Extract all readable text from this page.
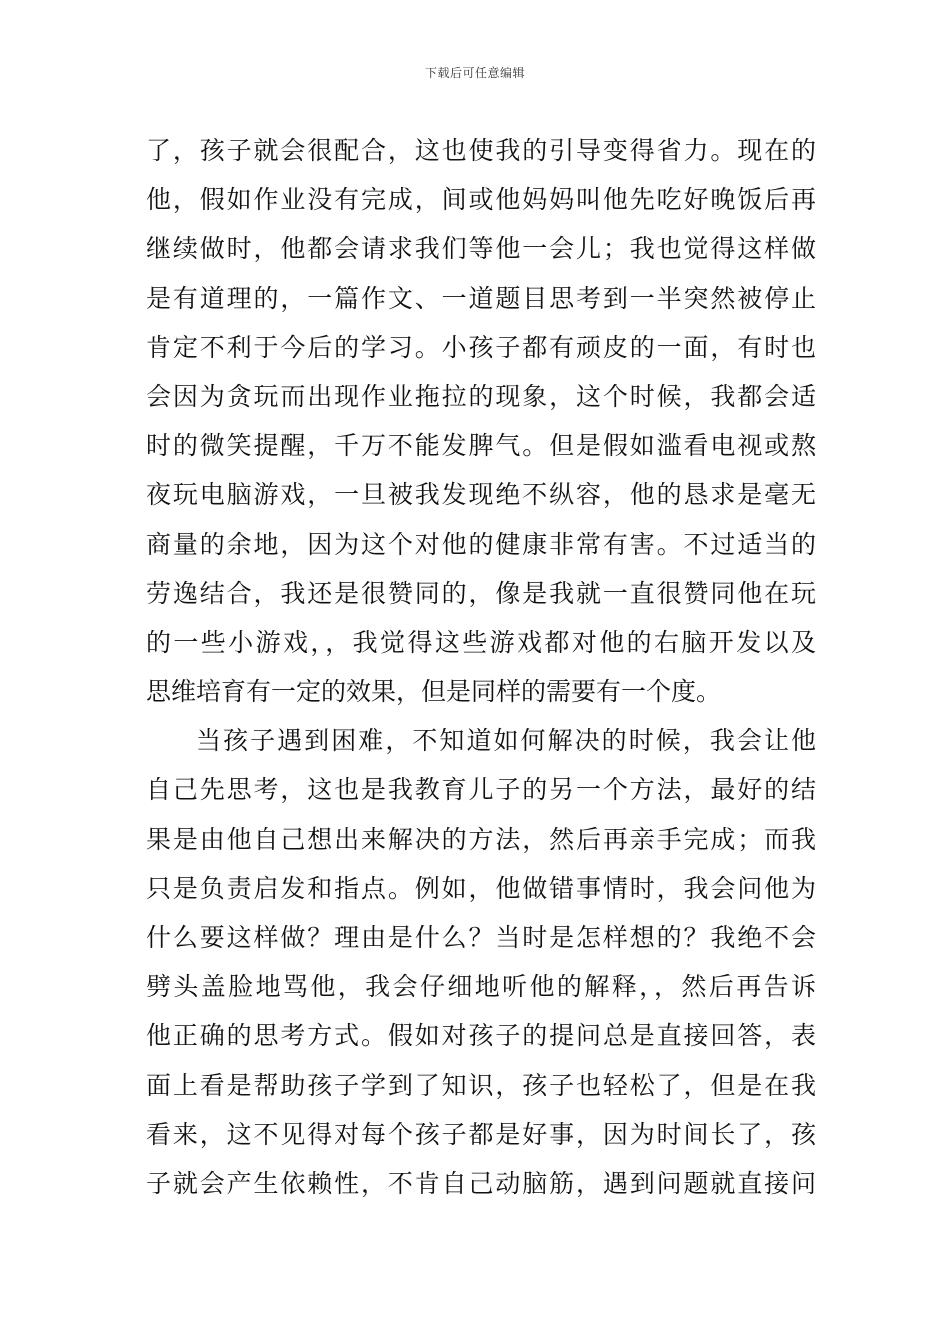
下载后可任意编辑
了，孩子就会很配合，这也使我的引导变得省力。现在的
他，假如作业没有完成，间或他妈妈叫他先吃好晚饭后再
继续做时，他都会请求我们等他一会儿；我也觉得这样做
是有道理的，一篇作文、一道题目思考到一半突然被停止
肯定不利于今后的学习。小孩子都有顽皮的一面，有时也
会因为贪玩而出现作业拖拉的现象，这个时候，我都会适
时的微笑提醒，千万不能发脾气。但是假如滥看电视或熬
夜玩电脑游戏，一旦被我发现绝不纵容，他的恳求是毫无
商量的余地，因为这个对他的健康非常有害。不过适当的
劳逸结合，我还是很赞同的，像是我就一直很赞同他在玩
的一些小游戏，，我觉得这些游戏都对他的右脑开发以及
思维培育有一定的效果，但是同样的需要有一个度。
当孩子遇到困难，不知道如何解决的时候，我会让他
自己先思考，这也是我教育儿子的另一个方法，最好的结
果是由他自己想出来解决的方法，然后再亲手完成；而我
只是负责启发和指点。例如，他做错事情时，我会问他为
什么要这样做？理由是什么？当时是怎样想的？我绝不会
劈头盖脸地骂他，我会仔细地听他的解释，，然后再告诉
他正确的思考方式。假如对孩子的提问总是直接回答，表
面上看是帮助孩子学到了知识，孩子也轻松了，但是在我
看来，这不见得对每个孩子都是好事，因为时间长了，孩
子就会产生依赖性，不肯自己动脑筋，遇到问题就直接问
